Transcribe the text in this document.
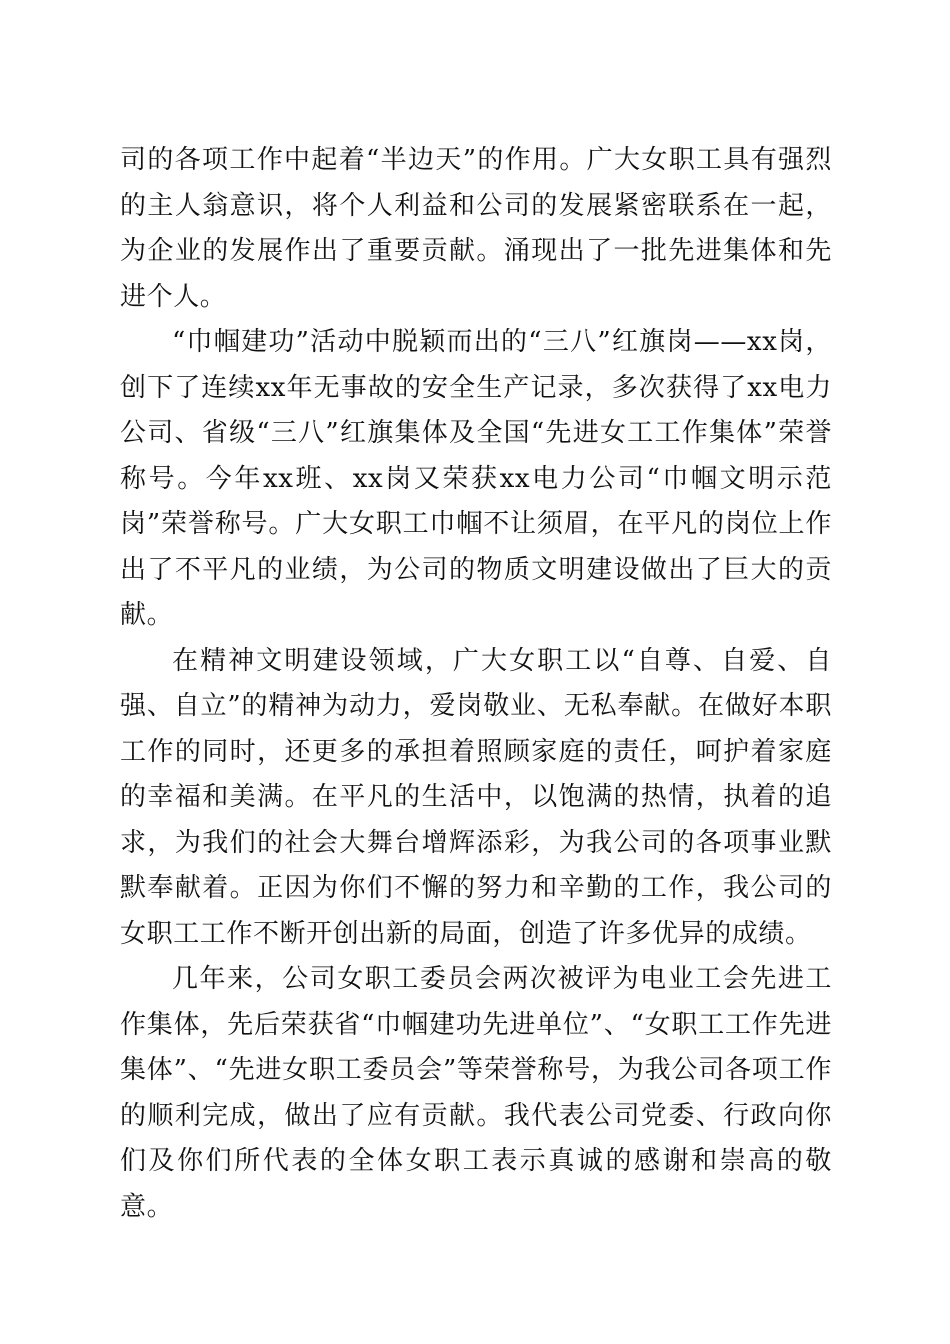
司的各项工作中起着“半边天”的作用。广大女职工具有强烈的主人翁意识，将个人利益和公司的发展紧密联系在一起，为企业的发展作出了重要贡献。涌现出了一批先进集体和先进个人。

“巾帼建功”活动中脱颖而出的“三八”红旗岗——xx岗，创下了连续xx年无事故的安全生产记录，多次获得了xx电力公司、省级“三八”红旗集体及全国“先进女工工作集体”荣誉称号。今年xx班、xx岗又荣获xx电力公司“巾帼文明示范岗”荣誉称号。广大女职工巾帼不让须眉，在平凡的岗位上作出了不平凡的业绩，为公司的物质文明建设做出了巨大的贡献。

在精神文明建设领域，广大女职工以“自尊、自爱、自强、自立”的精神为动力，爱岗敬业、无私奉献。在做好本职工作的同时，还更多的承担着照顾家庭的责任，呵护着家庭的幸福和美满。在平凡的生活中，以饱满的热情，执着的追求，为我们的社会大舞台增辉添彩，为我公司的各项事业默默奉献着。正因为你们不懈的努力和辛勤的工作，我公司的女职工工作不断开创出新的局面，创造了许多优异的成绩。

几年来，公司女职工委员会两次被评为电业工会先进工作集体，先后荣获省“巾帼建功先进单位”、“女职工工作先进集体”、“先进女职工委员会”等荣誉称号，为我公司各项工作的顺利完成，做出了应有贡献。我代表公司党委、行政向你们及你们所代表的全体女职工表示真诚的感谢和崇高的敬意。
